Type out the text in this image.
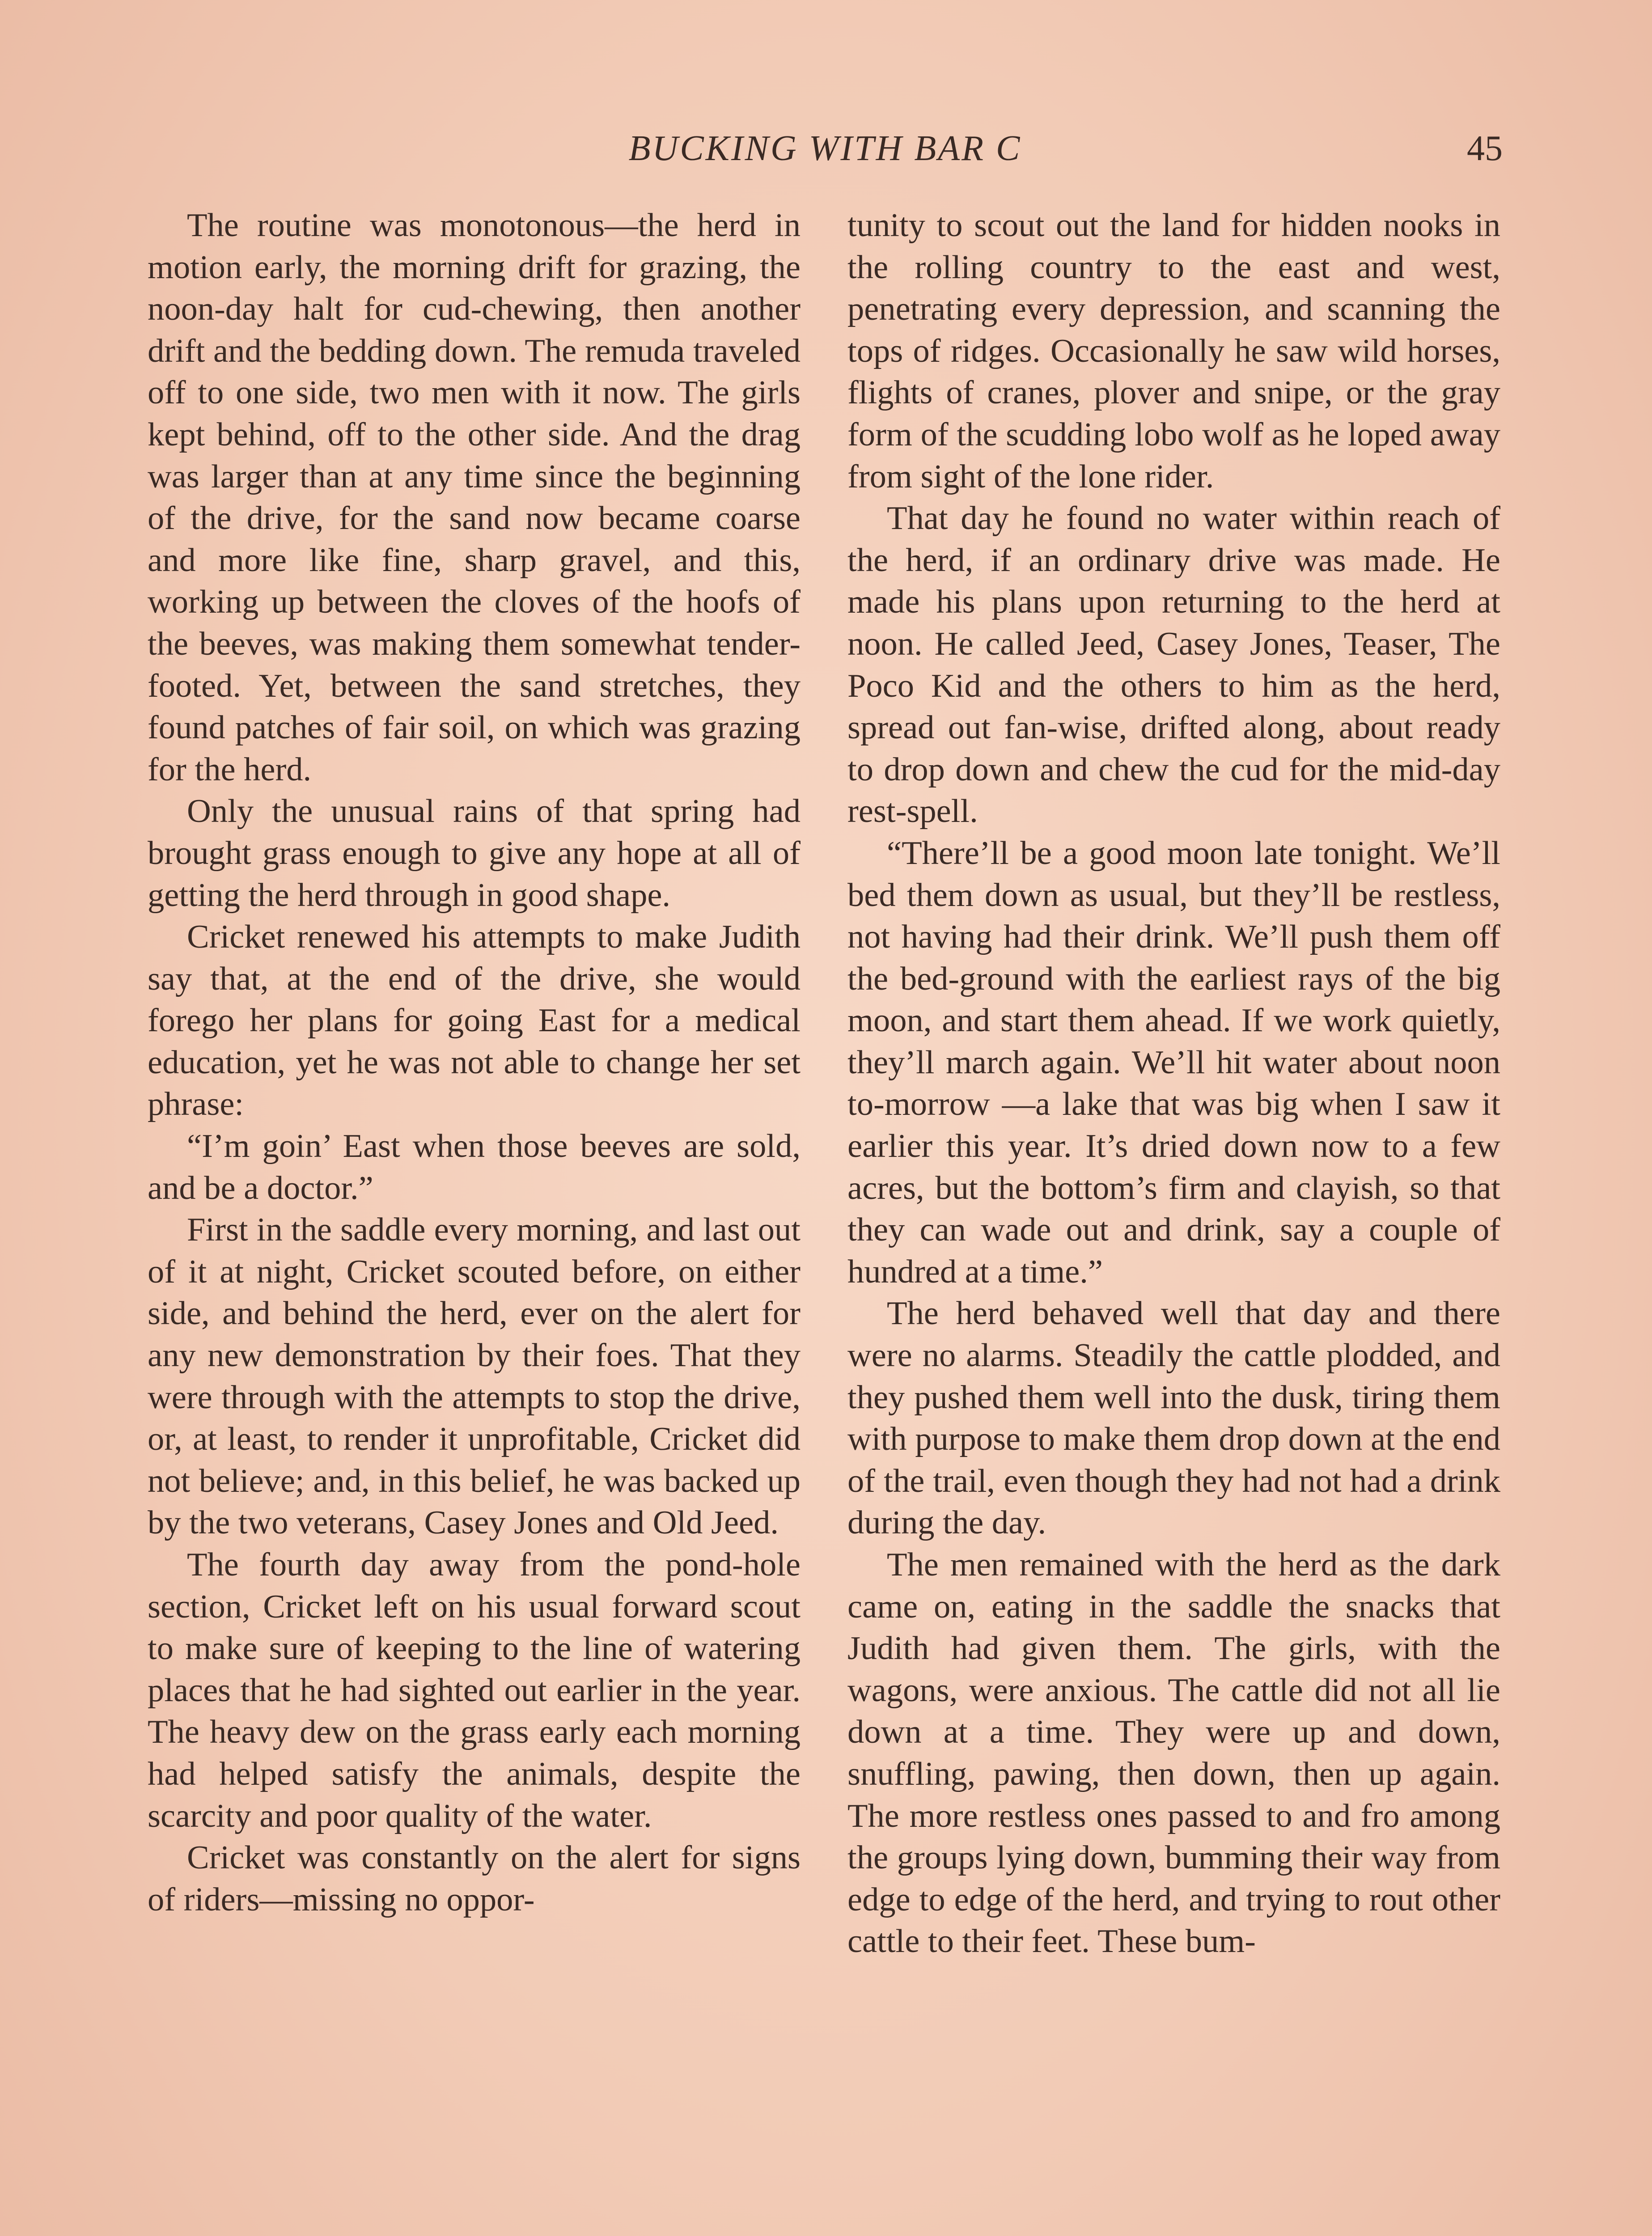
BUCKING WITH BAR C	45

The routine was monotonous—the herd in motion early, the morning drift for grazing, the noon-day halt for cud-chewing, then another drift and the bedding down. The remuda traveled off to one side, two men with it now. The girls kept behind, off to the other side. And the drag was larger than at any time since the beginning of the drive, for the sand now became coarse and more like fine, sharp gravel, and this, working up between the cloves of the hoofs of the beeves, was making them somewhat tender-footed. Yet, between the sand stretches, they found patches of fair soil, on which was grazing for the herd.

Only the unusual rains of that spring had brought grass enough to give any hope at all of getting the herd through in good shape.

Cricket renewed his attempts to make Judith say that, at the end of the drive, she would forego her plans for going East for a medical education, yet he was not able to change her set phrase:

“I’m goin’ East when those beeves are sold, and be a doctor.”

First in the saddle every morning, and last out of it at night, Cricket scouted before, on either side, and behind the herd, ever on the alert for any new demonstration by their foes. That they were through with the attempts to stop the drive, or, at least, to render it unprofitable, Cricket did not believe; and, in this belief, he was backed up by the two veterans, Casey Jones and Old Jeed.

The fourth day away from the pond-hole section, Cricket left on his usual forward scout to make sure of keeping to the line of watering places that he had sighted out earlier in the year. The heavy dew on the grass early each morning had helped satisfy the animals, despite the scarcity and poor quality of the water.

Cricket was constantly on the alert for signs of riders—missing no oppor-

tunity to scout out the land for hidden nooks in the rolling country to the east and west, penetrating every depression, and scanning the tops of ridges. Occasionally he saw wild horses, flights of cranes, plover and snipe, or the gray form of the scudding lobo wolf as he loped away from sight of the lone rider.

That day he found no water within reach of the herd, if an ordinary drive was made. He made his plans upon returning to the herd at noon. He called Jeed, Casey Jones, Teaser, The Poco Kid and the others to him as the herd, spread out fan-wise, drifted along, about ready to drop down and chew the cud for the mid-day rest-spell.

“There’ll be a good moon late tonight. We’ll bed them down as usual, but they’ll be restless, not having had their drink. We’ll push them off the bed-ground with the earliest rays of the big moon, and start them ahead. If we work quietly, they’ll march again. We’ll hit water about noon to-morrow —a lake that was big when I saw it earlier this year. It’s dried down now to a few acres, but the bottom’s firm and clayish, so that they can wade out and drink, say a couple of hundred at a time.”

The herd behaved well that day and there were no alarms. Steadily the cattle plodded, and they pushed them well into the dusk, tiring them with purpose to make them drop down at the end of the trail, even though they had not had a drink during the day.

The men remained with the herd as the dark came on, eating in the saddle the snacks that Judith had given them. The girls, with the wagons, were anxious. The cattle did not all lie down at a time. They were up and down, snuffling, pawing, then down, then up again. The more restless ones passed to and fro among the groups lying down, bumming their way from edge to edge of the herd, and trying to rout other cattle to their feet. These bum-
